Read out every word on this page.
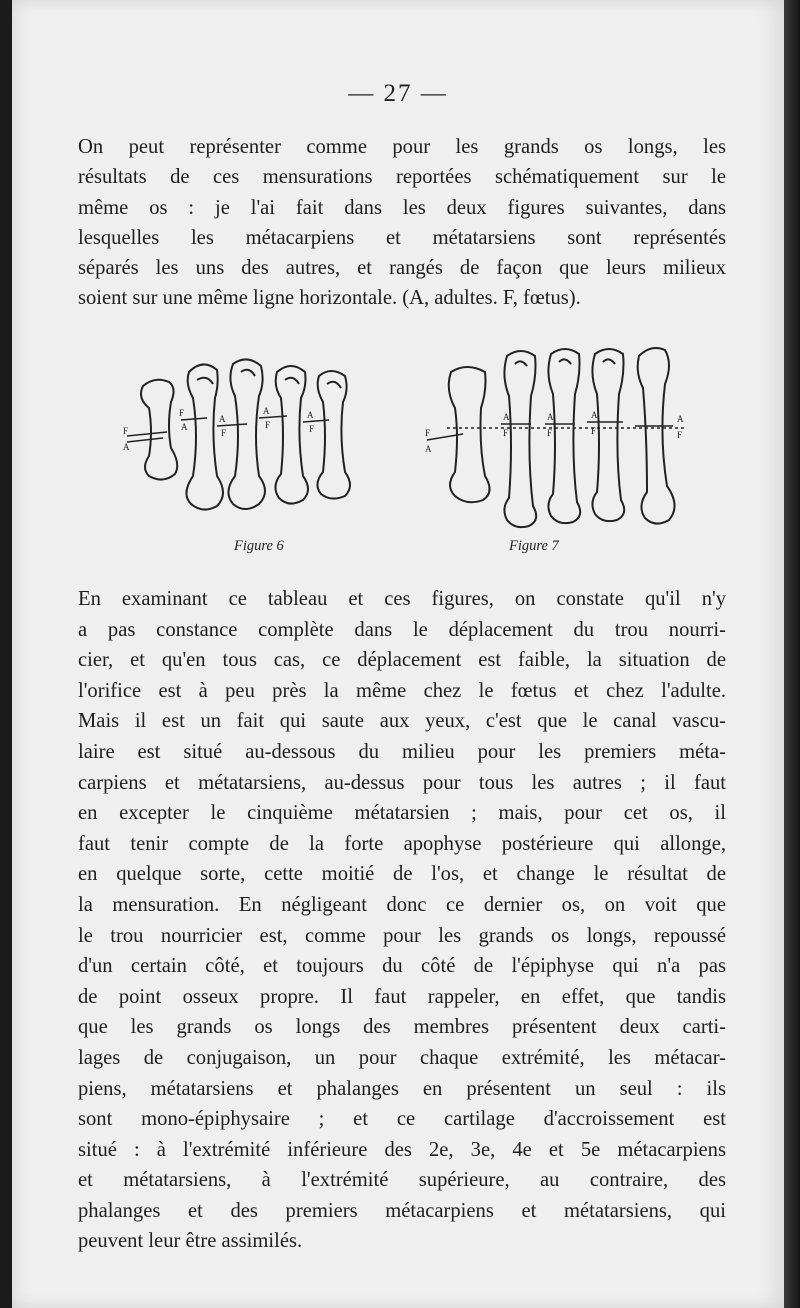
— 27 —

On peut représenter comme pour les grands os longs, les
résultats de ces mensurations reportées schématiquement sur le
même os : je l'ai fait dans les deux figures suivantes, dans
lesquelles les métacarpiens et métatarsiens sont représentés
séparés les uns des autres, et rangés de façon que leurs milieux
soient sur une même ligne horizontale. (A, adultes. F, fœtus).

F
A
F
A
A
F
A
F
A
F	F
A
A
F
A
F
A
F
A
F
Figure 6	Figure 7

En examinant ce tableau et ces figures, on constate qu'il n'y
a pas constance complète dans le déplacement du trou nourri-
cier, et qu'en tous cas, ce déplacement est faible, la situation de
l'orifice est à peu près la même chez le fœtus et chez l'adulte.
Mais il est un fait qui saute aux yeux, c'est que le canal vascu-
laire est situé au-dessous du milieu pour les premiers méta-
carpiens et métatarsiens, au-dessus pour tous les autres ; il faut
en excepter le cinquième métatarsien ; mais, pour cet os, il
faut tenir compte de la forte apophyse postérieure qui allonge,
en quelque sorte, cette moitié de l'os, et change le résultat de
la mensuration. En négligeant donc ce dernier os, on voit que
le trou nourricier est, comme pour les grands os longs, repoussé
d'un certain côté, et toujours du côté de l'épiphyse qui n'a pas
de point osseux propre. Il faut rappeler, en effet, que tandis
que les grands os longs des membres présentent deux carti-
lages de conjugaison, un pour chaque extrémité, les métacar-
piens, métatarsiens et phalanges en présentent un seul : ils
sont mono-épiphysaire ; et ce cartilage d'accroissement est
situé : à l'extrémité inférieure des 2e, 3e, 4e et 5e métacarpiens
et métatarsiens, à l'extrémité supérieure, au contraire, des
phalanges et des premiers métacarpiens et métatarsiens, qui
peuvent leur être assimilés.
